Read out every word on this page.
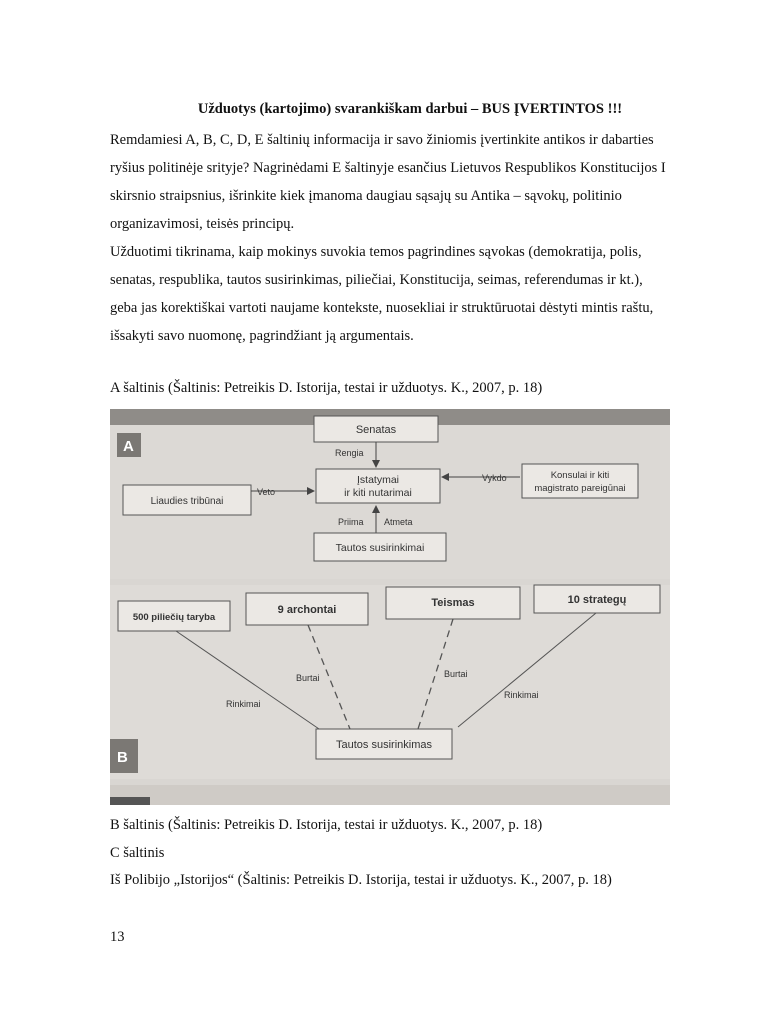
Užduotys (kartojimo) svarankiškam darbui – BUS ĮVERTINTOS !!!
Remdamiesi A, B, C, D, E šaltinių informacija ir savo žiniomis įvertinkite antikos ir dabarties
ryšius politinėje srityje? Nagrinėdami E šaltinyje esančius Lietuvos Respublikos Konstitucijos I
skirsnio straipsnius, išrinkite kiek įmanoma daugiau sąsajų su Antika – sąvokų, politinio
organizavimosi, teisės principų.
Užduotimi tikrinama, kaip mokinys suvokia temos pagrindines sąvokas (demokratija, polis,
senatas, respublika, tautos susirinkimas, piliečiai, Konstitucija, seimas, referendumas ir kt.),
geba jas korektiškai vartoti naujame kontekste, nuosekliai ir struktūruotai dėstyti mintis raštu,
išsakyti savo nuomonę, pagrindžiant ją argumentais.
A šaltinis (Šaltinis: Petreikis D. Istorija, testai ir užduotys. K., 2007, p. 18)
A
B
Senatas
Rengia
Įstatymai
ir kiti nutarimai
Liaudies tribūnai
Veto
Konsulai ir kiti
magistrato pareigūnai
Vykdo
Priima Atmeta
Tautos susirinkimai
500 piliečių taryba
9 archontai
Teismas	10 strategų
Rinkimai
Burtai	Burtai
Rinkimai
Tautos susirinkimas
B šaltinis (Šaltinis: Petreikis D. Istorija, testai ir užduotys. K., 2007, p. 18)
C šaltinis
Iš Polibijo „Istorijos“ (Šaltinis: Petreikis D. Istorija, testai ir užduotys. K., 2007, p. 18)
13
